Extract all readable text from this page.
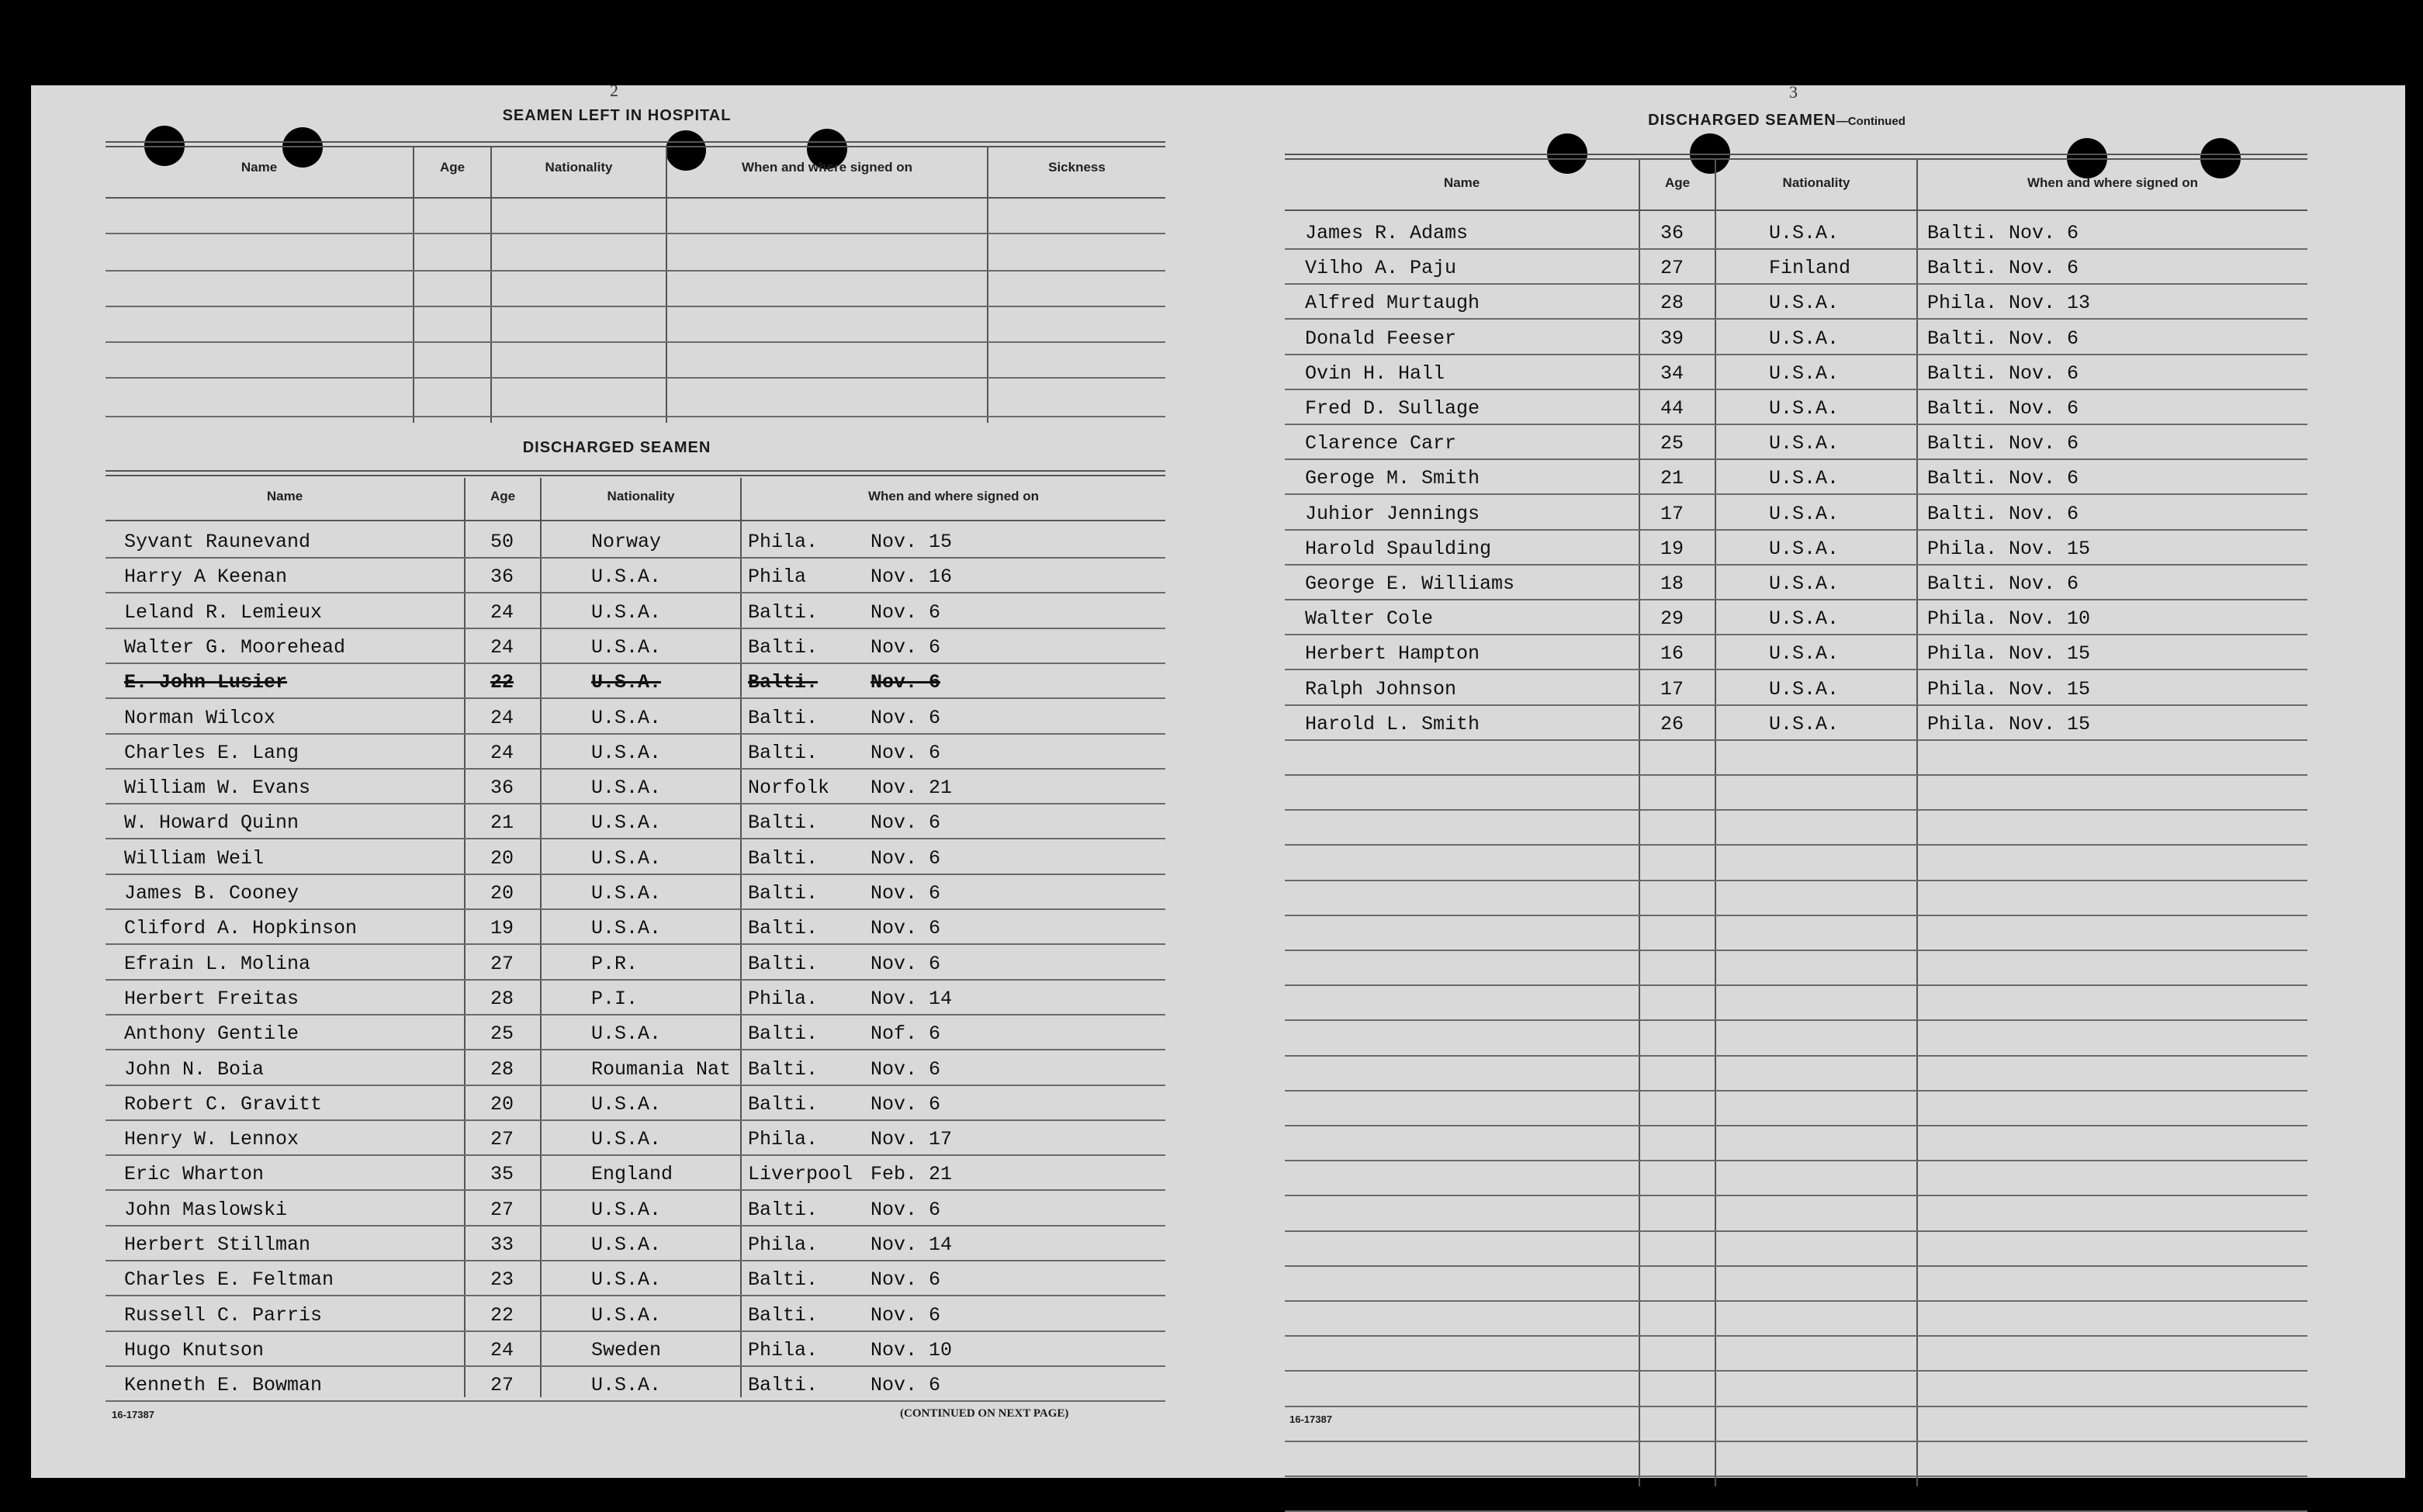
2
SEAMEN LEFT IN HOSPITAL
Name	Age	Nationality	When and where signed on	Sickness
DISCHARGED SEAMEN
Name	Age	Nationality	When and where signed on
Syvant Raunevand	50	Norway	Phila.	Nov. 15
Harry A Keenan	36	U.S.A.	Phila	Nov. 16
Leland R. Lemieux	24	U.S.A.	Balti.	Nov. 6
Walter G. Moorehead	24	U.S.A.	Balti.	Nov. 6
E. John Lusier	22	U.S.A.	Balti.	Nov. 6
Norman Wilcox	24	U.S.A.	Balti.	Nov. 6
Charles E. Lang	24	U.S.A.	Balti.	Nov. 6
William W. Evans	36	U.S.A.	Norfolk Nov. 21
W. Howard Quinn	21	U.S.A.	Balti.	Nov. 6
William Weil	20	U.S.A.	Balti.	Nov. 6
James B. Cooney	20	U.S.A.	Balti.	Nov. 6
Cliford A. Hopkinson	19	U.S.A.	Balti.	Nov. 6
Efrain L. Molina	27	P.R.	Balti.	Nov. 6
Herbert Freitas	28	P.I.	Phila.	Nov. 14
Anthony Gentile	25	U.S.A.	Balti.	Nof. 6
John N. Boia	28	Roumania Nat Balti.	Nov. 6
Robert C. Gravitt	20	U.S.A.	Balti.	Nov. 6
Henry W. Lennox	27	U.S.A.	Phila.	Nov. 17
Eric Wharton	35	England	Liverpool Feb. 21
John Maslowski	27	U.S.A.	Balti.	Nov. 6
Herbert Stillman	33	U.S.A.	Phila.	Nov. 14
Charles E. Feltman	23	U.S.A.	Balti.	Nov. 6
Russell C. Parris	22	U.S.A.	Balti.	Nov. 6
Hugo Knutson	24	Sweden	Phila.	Nov. 10
Kenneth E. Bowman	27	U.S.A.	Balti.	Nov. 6
16-17387	(CONTINUED ON NEXT PAGE)
3
DISCHARGED SEAMEN—Continued
Name	Age	Nationality	When and where signed on
James R. Adams	36	U.S.A.	Balti. Nov. 6
Vilho A. Paju	27	Finland	Balti. Nov. 6
Alfred Murtaugh	28	U.S.A.	Phila. Nov. 13
Donald Feeser	39	U.S.A.	Balti. Nov. 6
Ovin H. Hall	34	U.S.A.	Balti. Nov. 6
Fred D. Sullage	44	U.S.A.	Balti. Nov. 6
Clarence Carr	25	U.S.A.	Balti. Nov. 6
Geroge M. Smith	21	U.S.A.	Balti. Nov. 6
Juhior Jennings	17	U.S.A.	Balti. Nov. 6
Harold Spaulding	19	U.S.A.	Phila. Nov. 15
George E. Williams	18	U.S.A.	Balti. Nov. 6
Walter Cole	29	U.S.A.	Phila. Nov. 10
Herbert Hampton	16	U.S.A.	Phila. Nov. 15
Ralph Johnson	17	U.S.A.	Phila. Nov. 15
Harold L. Smith	26	U.S.A.	Phila. Nov. 15
16-17387
